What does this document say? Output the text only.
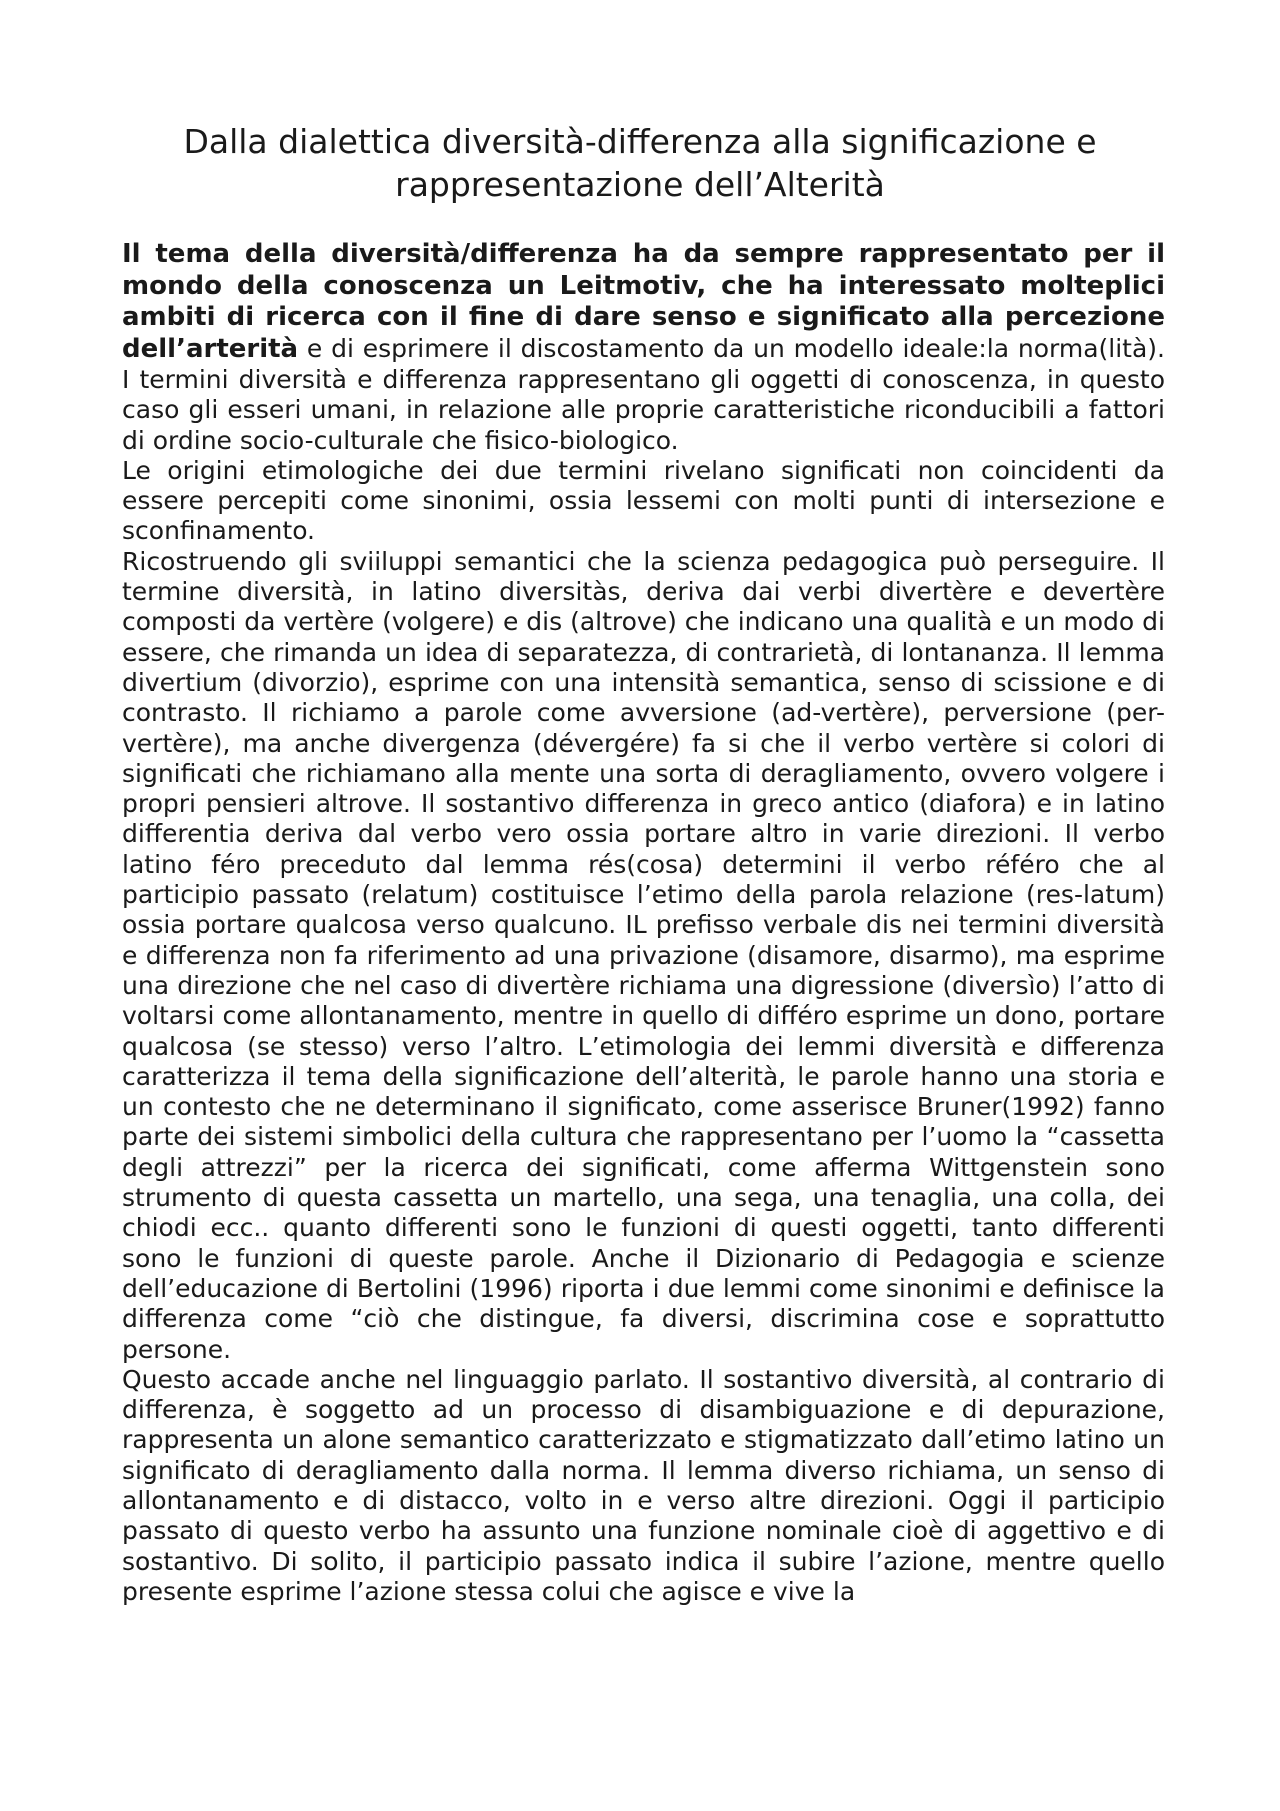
Dalla dialettica diversità-differenza alla significazione e
rappresentazione dell’Alterità

Il tema della diversità/differenza ha da sempre rappresentato per il mondo della conoscenza un Leitmotiv, che ha interessato molteplici ambiti di ricerca con il fine di dare senso e significato alla percezione dell’arterità e di esprimere il discostamento da un modello ideale:la norma(lità). I termini diversità e differenza rappresentano gli oggetti di conoscenza, in questo caso gli esseri umani, in relazione alle proprie caratteristiche riconducibili a fattori di ordine socio-culturale che fisico-biologico.

Le origini etimologiche dei due termini rivelano significati non coincidenti da essere percepiti come sinonimi, ossia lessemi con molti punti di intersezione e sconfinamento.

Ricostruendo gli sviiluppi semantici che la scienza pedagogica può perseguire. Il termine diversità, in latino diversitàs, deriva dai verbi divertère e devertère composti da vertère (volgere) e dis (altrove) che indicano una qualità e un modo di essere, che rimanda un idea di separatezza, di contrarietà, di lontananza. Il lemma divertium (divorzio), esprime con una intensità semantica, senso di scissione e di contrasto. Il richiamo a parole come avversione (ad-vertère), perversione (per-vertère), ma anche divergenza (dévergére) fa si che il verbo vertère si colori di significati che richiamano alla mente una sorta di deragliamento, ovvero volgere i propri pensieri altrove. Il sostantivo differenza in greco antico (diafora) e in latino differentia deriva dal verbo vero ossia portare altro in varie direzioni. Il verbo latino féro preceduto dal lemma rés(cosa) determini il verbo référo che al participio passato (relatum) costituisce l’etimo della parola relazione (res-latum) ossia portare qualcosa verso qualcuno. IL prefisso verbale dis nei termini diversità e differenza non fa riferimento ad una privazione (disamore, disarmo), ma esprime una direzione che nel caso di divertère richiama una digressione (diversìo) l’atto di voltarsi come allontanamento, mentre in quello di différo esprime un dono, portare qualcosa (se stesso) verso l’altro. L’etimologia dei lemmi diversità e differenza caratterizza il tema della significazione dell’alterità, le parole hanno una storia e un contesto che ne determinano il significato, come asserisce Bruner(1992) fanno parte dei sistemi simbolici della cultura che rappresentano per l’uomo la “cassetta degli attrezzi” per la ricerca dei significati, come afferma Wittgenstein sono strumento di questa cassetta un martello, una sega, una tenaglia, una colla, dei chiodi ecc.. quanto differenti sono le funzioni di questi oggetti, tanto differenti sono le funzioni di queste parole. Anche il Dizionario di Pedagogia e scienze dell’educazione di Bertolini (1996) riporta i due lemmi come sinonimi e definisce la differenza come “ciò che distingue, fa diversi, discrimina cose e soprattutto persone.

Questo accade anche nel linguaggio parlato. Il sostantivo diversità, al contrario di differenza, è soggetto ad un processo di disambiguazione e di depurazione, rappresenta un alone semantico caratterizzato e stigmatizzato dall’etimo latino un significato di deragliamento dalla norma. Il lemma diverso richiama, un senso di allontanamento e di distacco, volto in e verso altre direzioni. Oggi il participio passato di questo verbo ha assunto una funzione nominale cioè di aggettivo e di sostantivo. Di solito, il participio passato indica il subire l’azione, mentre quello presente esprime l’azione stessa colui che agisce e vive la
